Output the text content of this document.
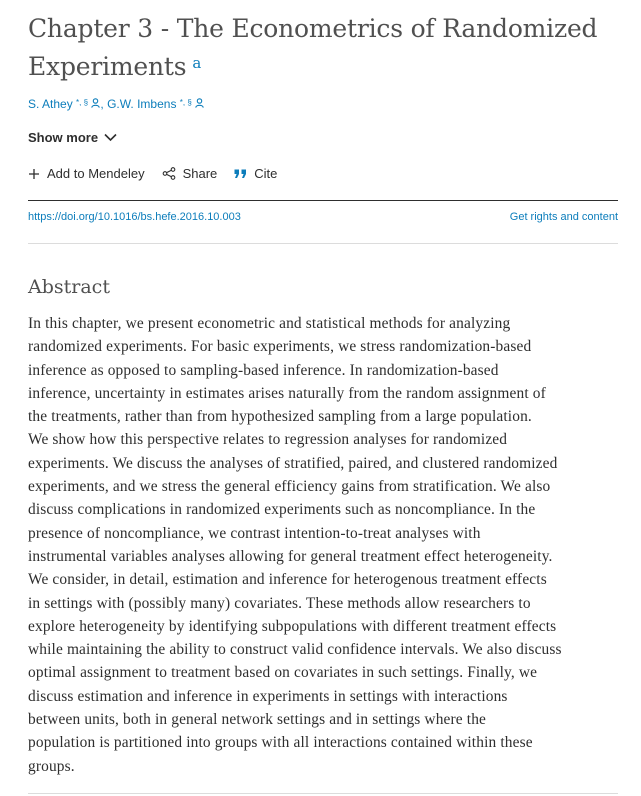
Chapter 3 - The Econometrics of Randomized
Experiments $^a$
S. Athey *, § , G.W. Imbens *, §
Show more
Add to Mendeley	Share	Cite
https://doi.org/10.1016/bs.hefe.2016.10.003	Get rights and content
Abstract

In this chapter, we present econometric and statistical methods for analyzing
randomized experiments. For basic experiments, we stress randomization-based
inference as opposed to sampling-based inference. In randomization-based
inference, uncertainty in estimates arises naturally from the random assignment of
the treatments, rather than from hypothesized sampling from a large population.
We show how this perspective relates to regression analyses for randomized
experiments. We discuss the analyses of stratified, paired, and clustered randomized
experiments, and we stress the general efficiency gains from stratification. We also
discuss complications in randomized experiments such as noncompliance. In the
presence of noncompliance, we contrast intention-to-treat analyses with
instrumental variables analyses allowing for general treatment effect heterogeneity.
We consider, in detail, estimation and inference for heterogenous treatment effects
in settings with (possibly many) covariates. These methods allow researchers to
explore heterogeneity by identifying subpopulations with different treatment effects
while maintaining the ability to construct valid confidence intervals. We also discuss
optimal assignment to treatment based on covariates in such settings. Finally, we
discuss estimation and inference in experiments in settings with interactions
between units, both in general network settings and in settings where the
population is partitioned into groups with all interactions contained within these
groups.
